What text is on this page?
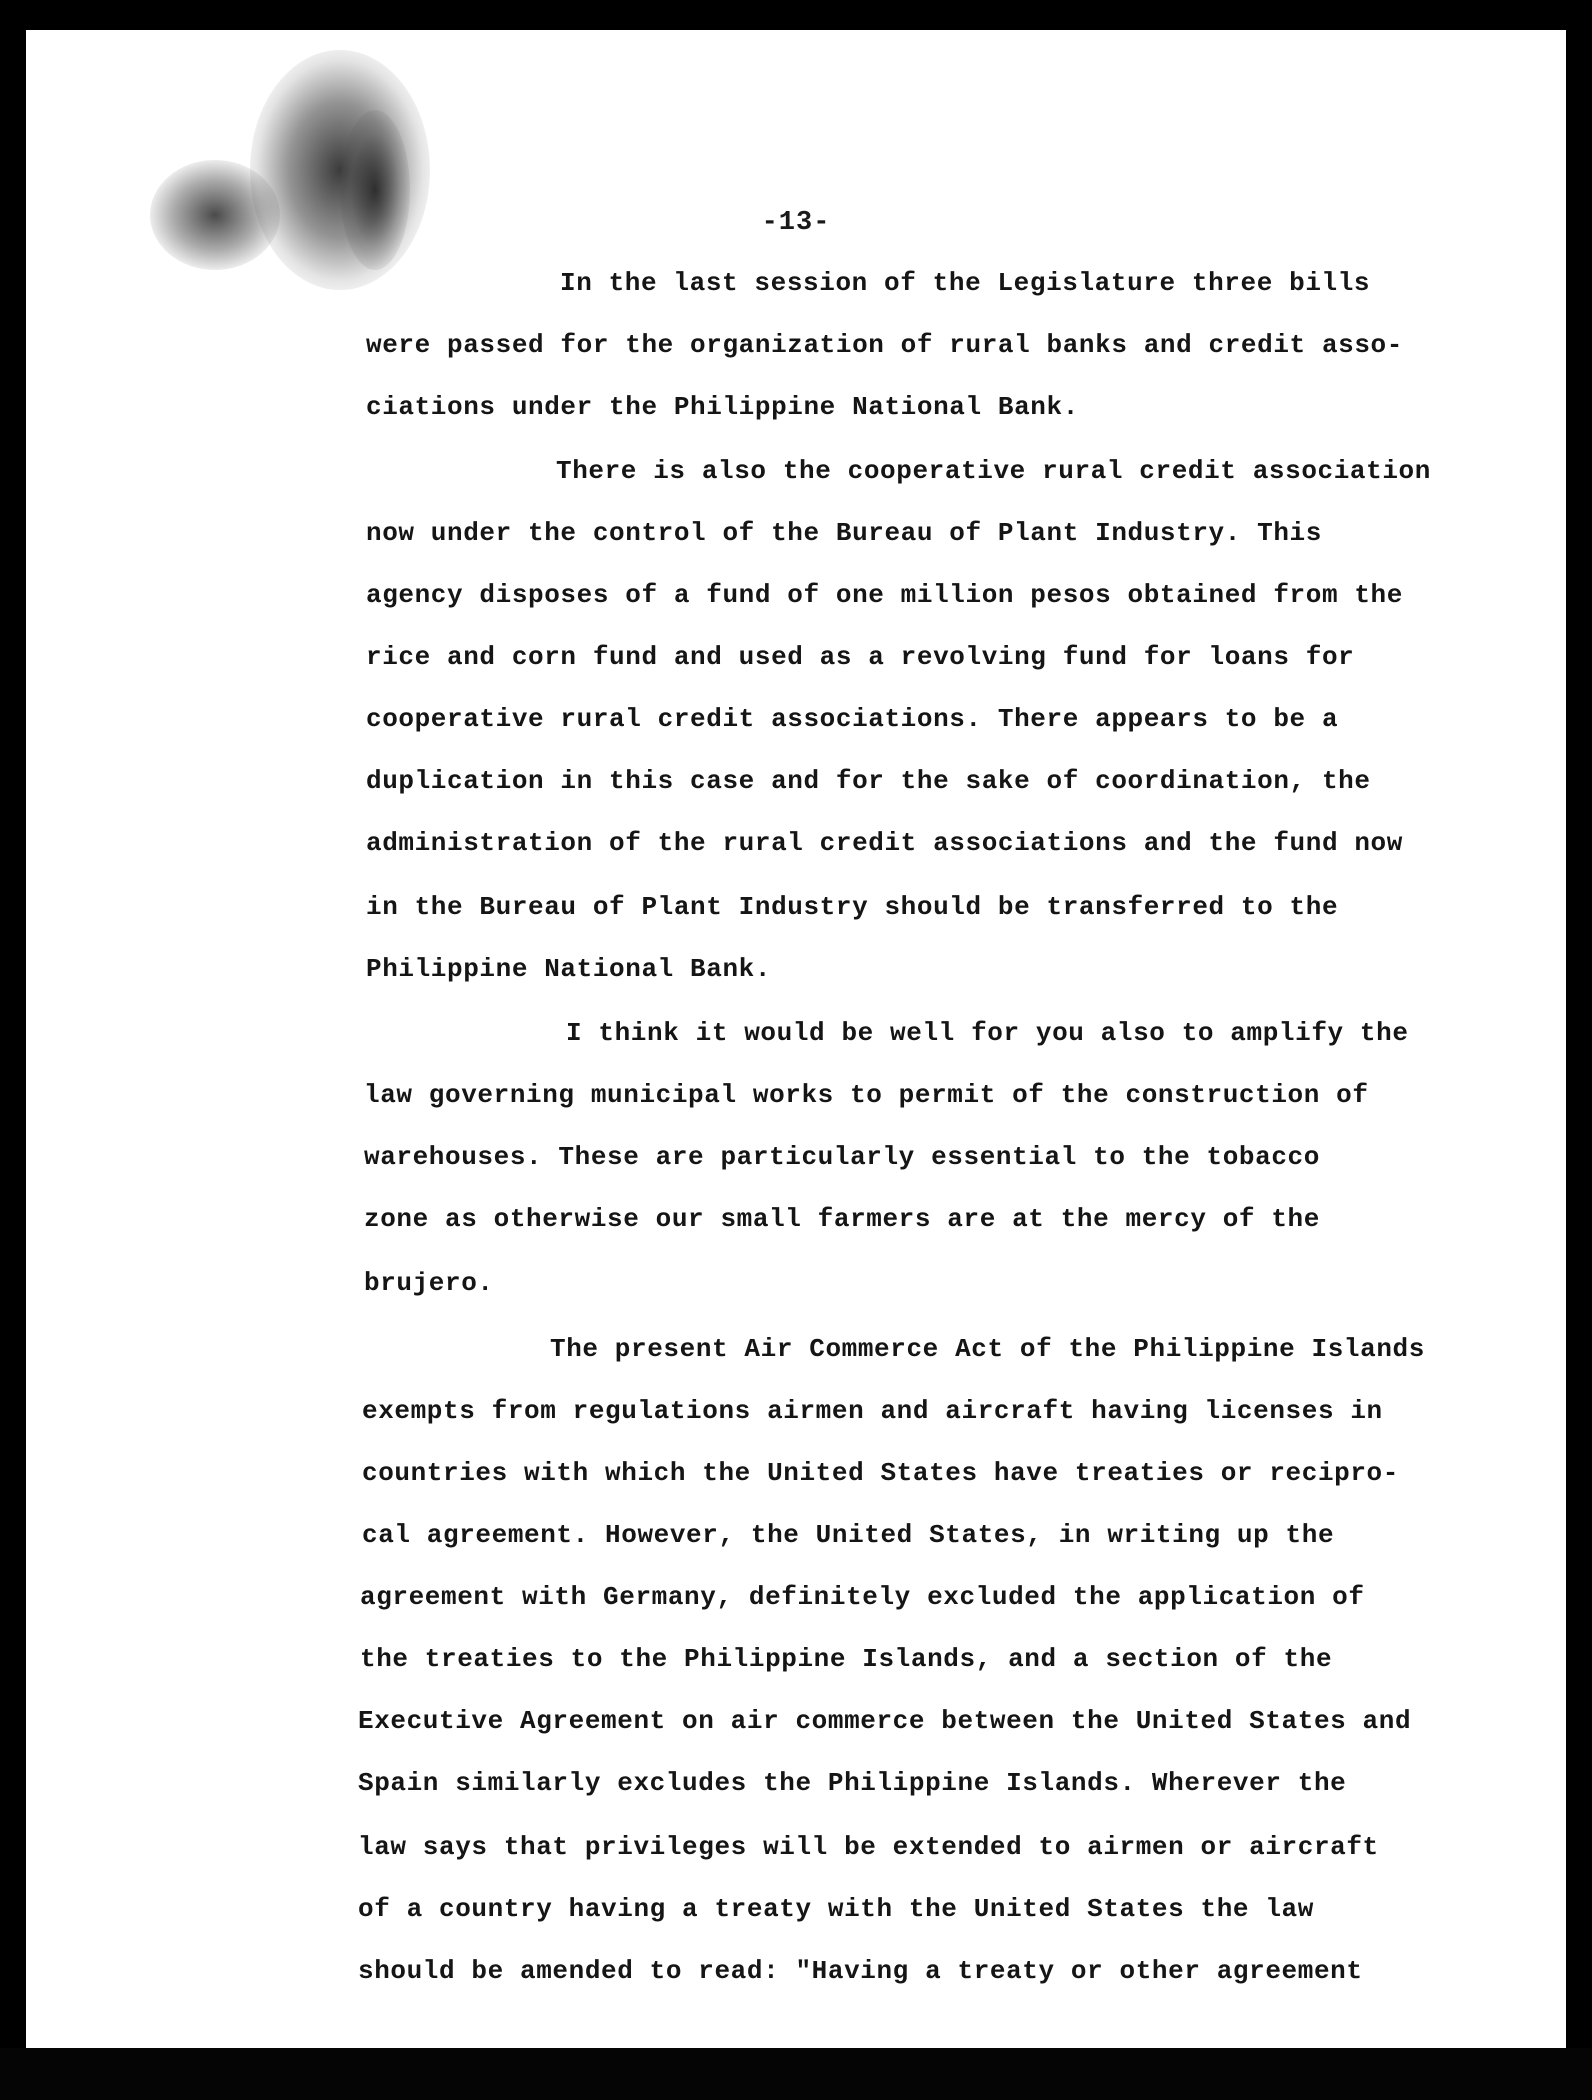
-13-
In the last session of the Legislature three bills
were passed for the organization of rural banks and credit asso-
ciations under the Philippine National Bank.
There is also the cooperative rural credit association
now under the control of the Bureau of Plant Industry. This
agency disposes of a fund of one million pesos obtained from the
rice and corn fund and used as a revolving fund for loans for
cooperative rural credit associations. There appears to be a
duplication in this case and for the sake of coordination, the
administration of the rural credit associations and the fund now
in the Bureau of Plant Industry should be transferred to the
Philippine National Bank.
I think it would be well for you also to amplify the
law governing municipal works to permit of the construction of
warehouses. These are particularly essential to the tobacco
zone as otherwise our small farmers are at the mercy of the
brujero.
The present Air Commerce Act of the Philippine Islands
exempts from regulations airmen and aircraft having licenses in
countries with which the United States have treaties or recipro-
cal agreement. However, the United States, in writing up the
agreement with Germany, definitely excluded the application of
the treaties to the Philippine Islands, and a section of the
Executive Agreement on air commerce between the United States and
Spain similarly excludes the Philippine Islands. Wherever the
law says that privileges will be extended to airmen or aircraft
of a country having a treaty with the United States the law
should be amended to read: "Having a treaty or other agreement
